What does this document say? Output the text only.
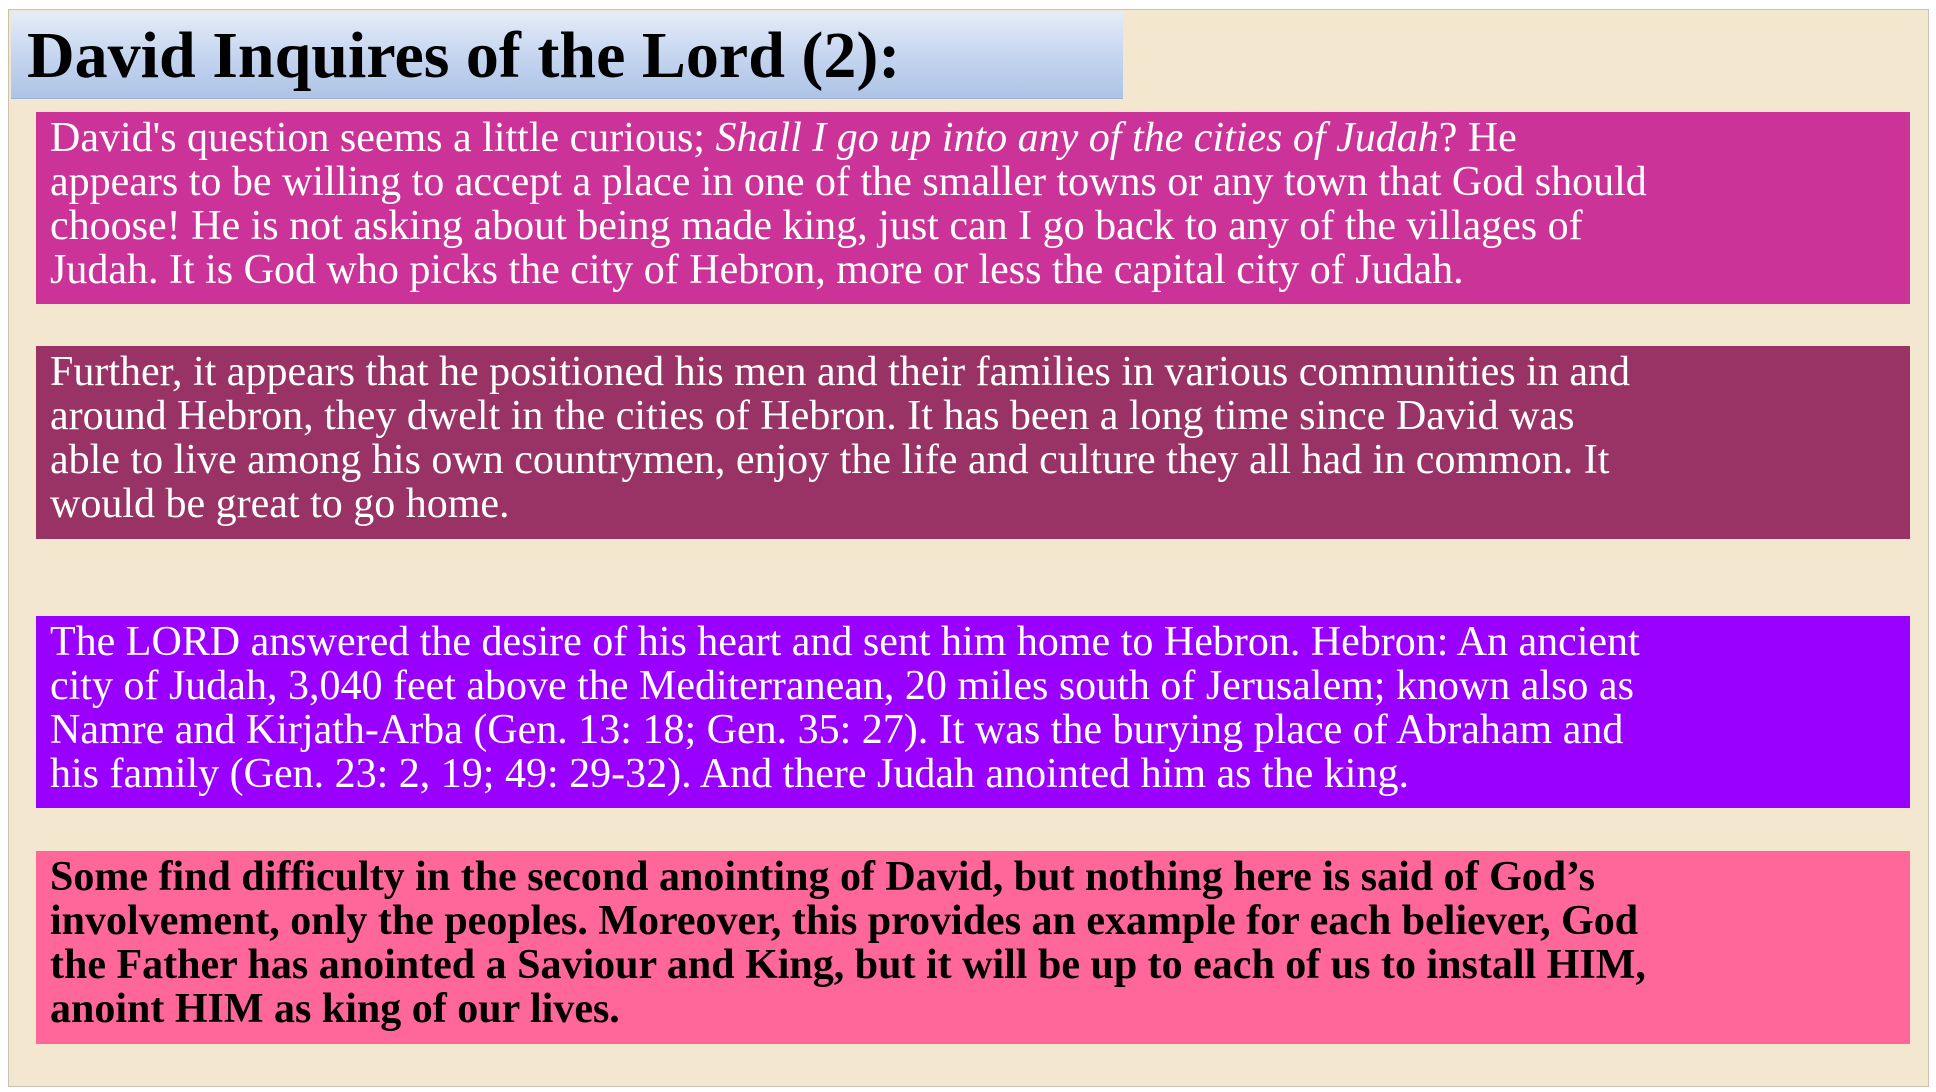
David Inquires of the Lord (2):
David's question seems a little curious; Shall I go up into any of the cities of Judah? He
appears to be willing to accept a place in one of the smaller towns or any town that God should
choose! He is not asking about being made king, just can I go back to any of the villages of
Judah. It is God who picks the city of Hebron, more or less the capital city of Judah.
Further, it appears that he positioned his men and their families in various communities in and
around Hebron, they dwelt in the cities of Hebron. It has been a long time since David was
able to live among his own countrymen, enjoy the life and culture they all had in common. It
would be great to go home.
The LORD answered the desire of his heart and sent him home to Hebron. Hebron: An ancient
city of Judah, 3,040 feet above the Mediterranean, 20 miles south of Jerusalem; known also as
Namre and Kirjath-Arba (Gen. 13: 18; Gen. 35: 27). It was the burying place of Abraham and
his family (Gen. 23: 2, 19; 49: 29-32). And there Judah anointed him as the king.
Some find difficulty in the second anointing of David, but nothing here is said of God’s
involvement, only the peoples. Moreover, this provides an example for each believer, God
the Father has anointed a Saviour and King, but it will be up to each of us to install HIM,
anoint HIM as king of our lives.
